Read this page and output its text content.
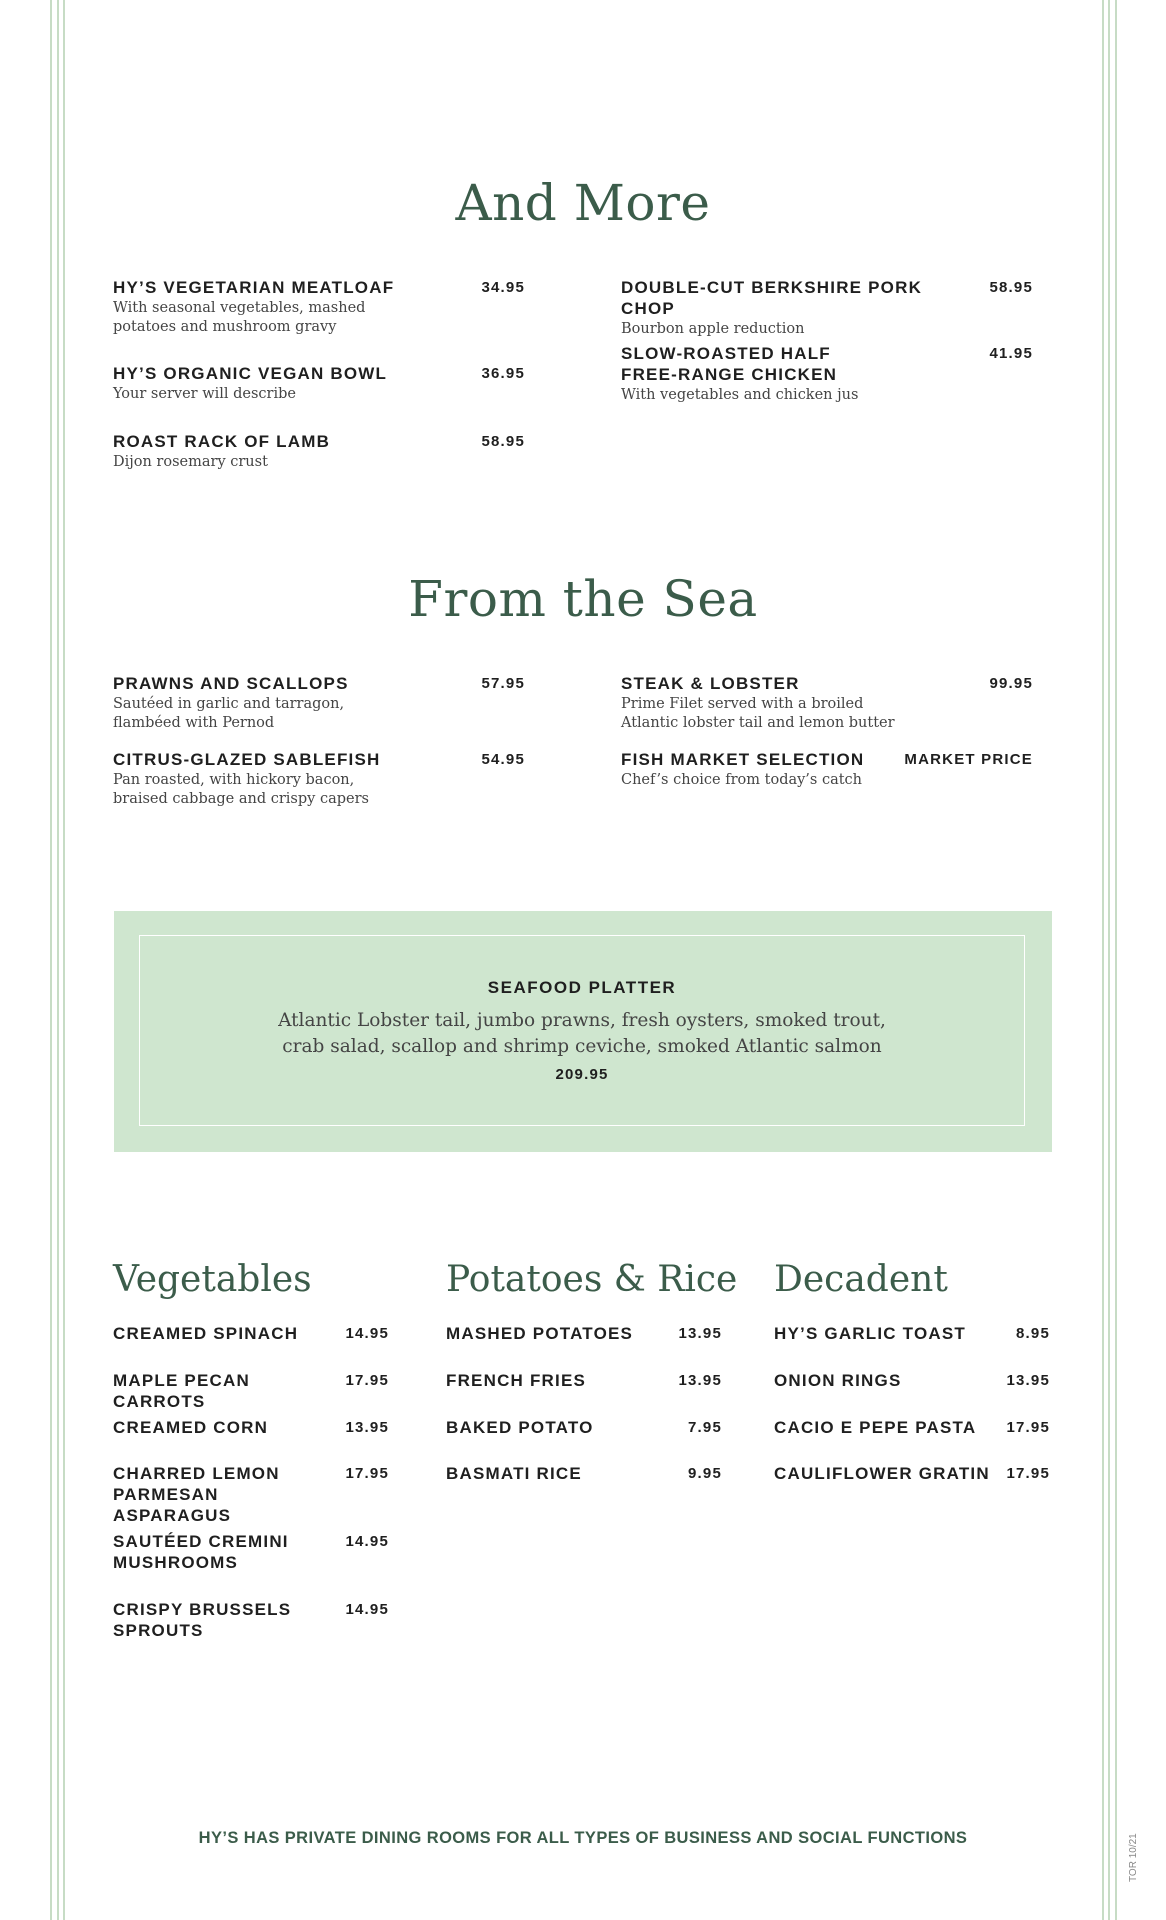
And More
HY’S VEGETARIAN MEATLOAF	34.95
With seasonal vegetables, mashed potatoes and mushroom gravy
HY’S ORGANIC VEGAN BOWL	36.95
Your server will describe
ROAST RACK OF LAMB	58.95
Dijon rosemary crust
DOUBLE-CUT BERKSHIRE PORK CHOP
58.95
Bourbon apple reduction
SLOW-ROASTED HALF FREE-RANGE CHICKEN
41.95
With vegetables and chicken jus
From the Sea
PRAWNS AND SCALLOPS	57.95
Sautéed in garlic and tarragon, flambéed with Pernod
CITRUS-GLAZED SABLEFISH	54.95
Pan roasted, with hickory bacon, braised cabbage and crispy capers
STEAK & LOBSTER	99.95
Prime Filet served with a broiled Atlantic lobster tail and lemon butter
FISH MARKET SELECTION	MARKET PRICE
Chef’s choice from today’s catch
SEAFOOD PLATTER
Atlantic Lobster tail, jumbo prawns, fresh oysters, smoked trout,
crab salad, scallop and shrimp ceviche, smoked Atlantic salmon
209.95
Vegetables
CREAMED SPINACH	14.95
MAPLE PECAN CARROTS
17.95
CREAMED CORN	13.95
CHARRED LEMON PARMESAN ASPARAGUS
17.95
SAUTÉED CREMINI MUSHROOMS
14.95
CRISPY BRUSSELS SPROUTS
14.95
Potatoes & Rice
MASHED POTATOES	13.95
FRENCH FRIES	13.95
BAKED POTATO	7.95
BASMATI RICE	9.95
Decadent
HY’S GARLIC TOAST	8.95
ONION RINGS	13.95
CACIO E PEPE PASTA	17.95
CAULIFLOWER GRATIN	17.95
HY’S HAS PRIVATE DINING ROOMS FOR ALL TYPES OF BUSINESS AND SOCIAL FUNCTIONS	TOR 10/21
